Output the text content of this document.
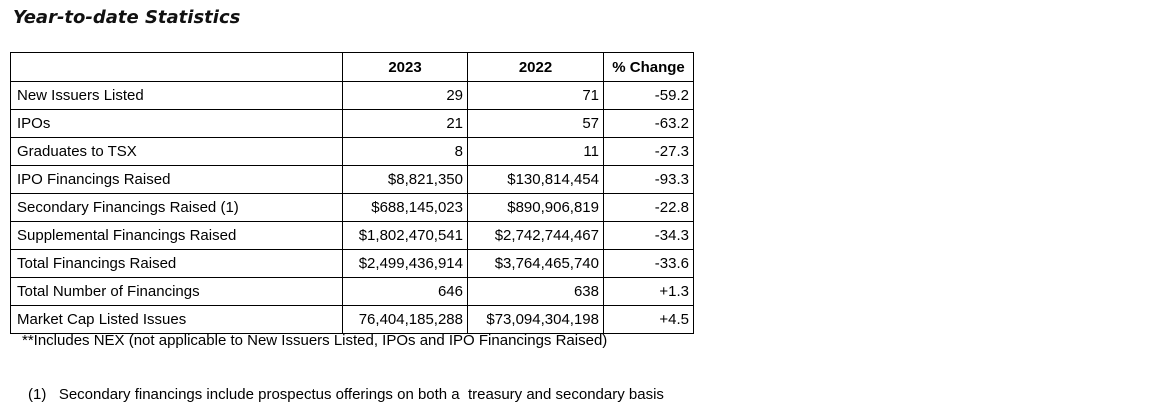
Year-to-date Statistics
	2023	2022	% Change
New Issuers Listed	29	71	-59.2
IPOs	21	57	-63.2
Graduates to TSX	8	11	-27.3
IPO Financings Raised	$8,821,350	$130,814,454	-93.3
Secondary Financings Raised (1)	$688,145,023	$890,906,819	-22.8
Supplemental Financings Raised	$1,802,470,541	$2,742,744,467	-34.3
Total Financings Raised	$2,499,436,914	$3,764,465,740	-33.6
Total Number of Financings	646	638	+1.3
Market Cap Listed Issues	76,404,185,288	$73,094,304,198	+4.5
**Includes NEX (not applicable to New Issuers Listed, IPOs and IPO Financings Raised)
(1)   Secondary financings include prospectus offerings on both a  treasury and secondary basis
